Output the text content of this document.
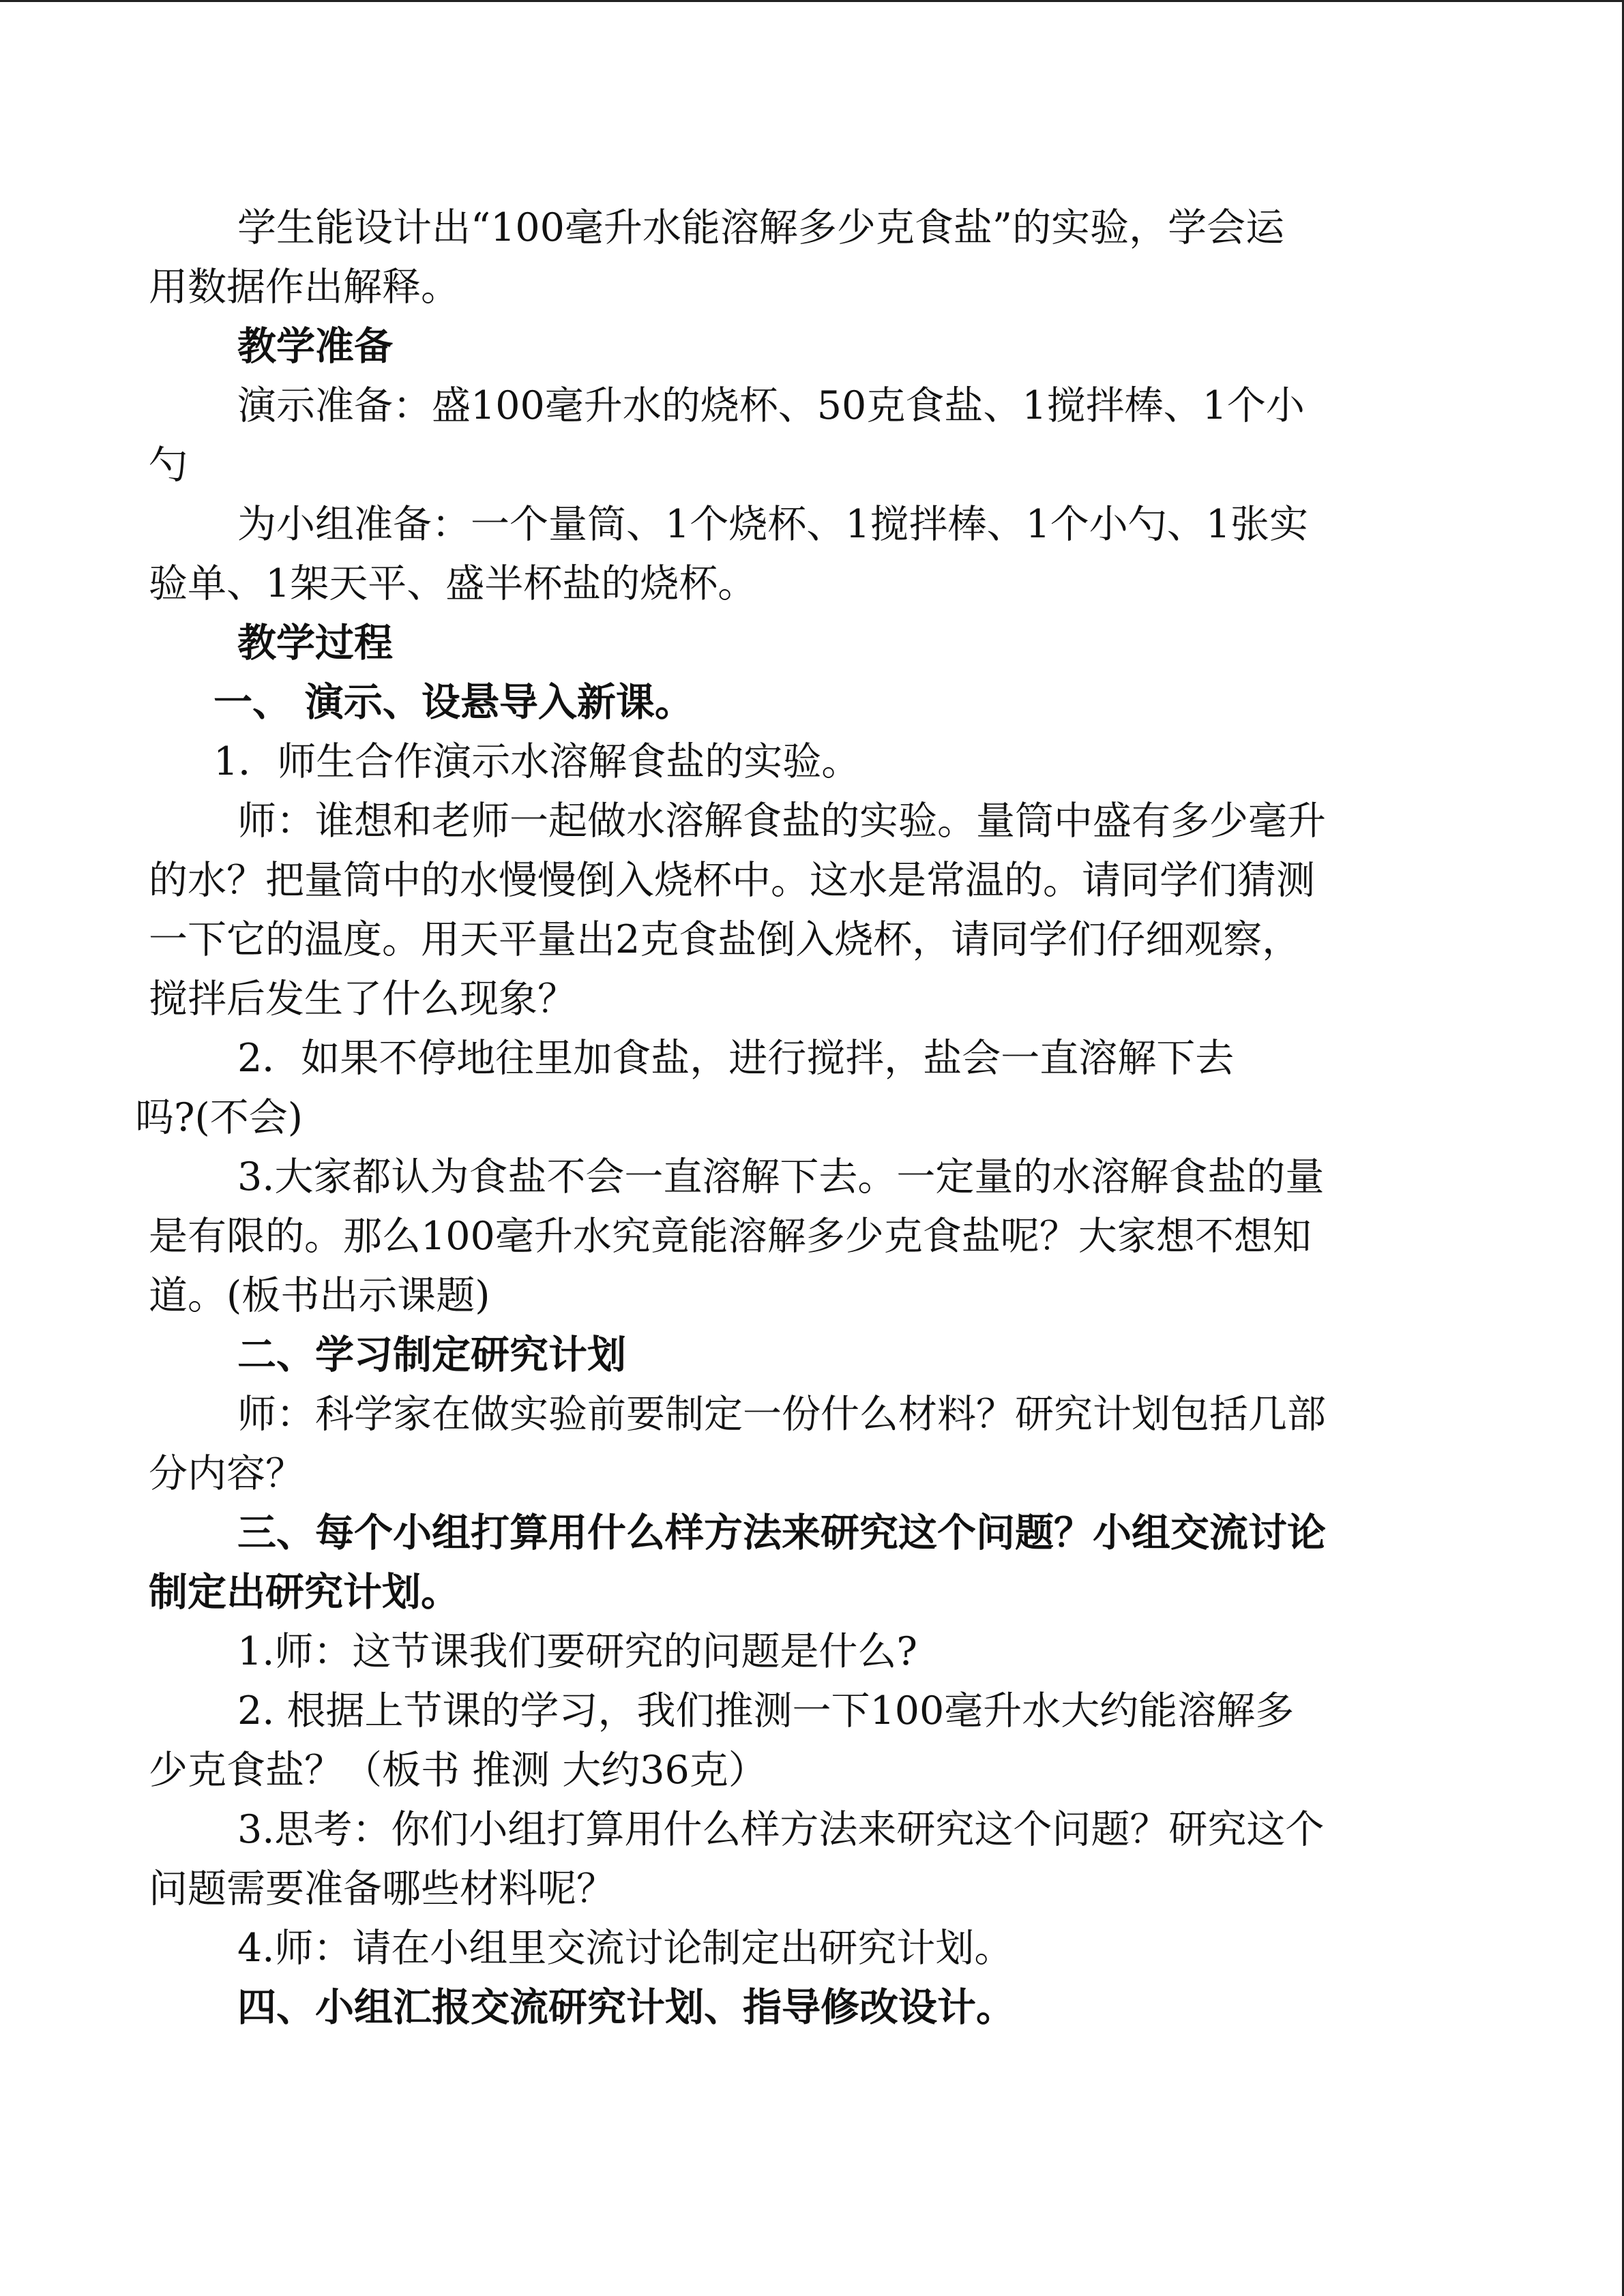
学生能设计出“100毫升水能溶解多少克食盐”的实验，学会运
用数据作出解释。
教学准备
演示准备：盛100毫升水的烧杯、50克食盐、1搅拌棒、1个小
勺
为小组准备：一个量筒、1个烧杯、1搅拌棒、1个小勺、1张实
验单、1架天平、盛半杯盐的烧杯。
教学过程
一、 演示、设悬导入新课。
1．师生合作演示水溶解食盐的实验。
师：谁想和老师一起做水溶解食盐的实验。量筒中盛有多少毫升
的水？把量筒中的水慢慢倒入烧杯中。这水是常温的。请同学们猜测
一下它的温度。用天平量出2克食盐倒入烧杯，请同学们仔细观察，
搅拌后发生了什么现象？
2．如果不停地往里加食盐，进行搅拌，盐会一直溶解下去
吗?(不会)
3.大家都认为食盐不会一直溶解下去。一定量的水溶解食盐的量
是有限的。那么100毫升水究竟能溶解多少克食盐呢？大家想不想知
道。(板书出示课题)
二、学习制定研究计划
师：科学家在做实验前要制定一份什么材料？研究计划包括几部
分内容？
三、每个小组打算用什么样方法来研究这个问题？小组交流讨论
制定出研究计划。
1.师：这节课我们要研究的问题是什么?
2. 根据上节课的学习，我们推测一下100毫升水大约能溶解多
少克食盐？（板书 推测 大约36克）
3.思考：你们小组打算用什么样方法来研究这个问题？研究这个
问题需要准备哪些材料呢？
4.师：请在小组里交流讨论制定出研究计划。
四、小组汇报交流研究计划、指导修改设计。
